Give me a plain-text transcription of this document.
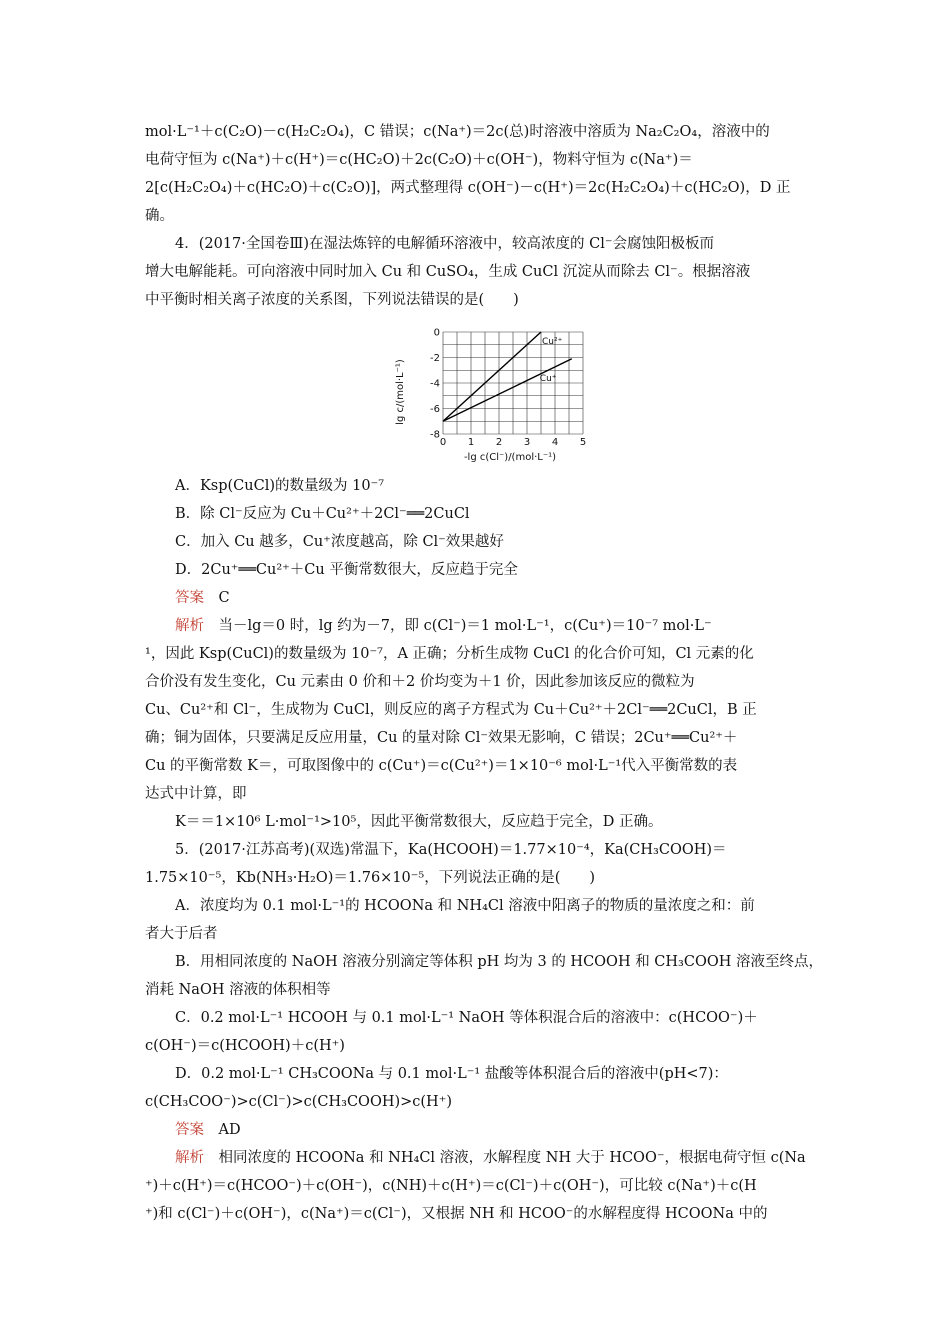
mol·L⁻¹＋c(C₂O)－c(H₂C₂O₄)，C 错误；c(Na⁺)＝2c(总)时溶液中溶质为 Na₂C₂O₄，溶液中的
电荷守恒为 c(Na⁺)＋c(H⁺)＝c(HC₂O)＋2c(C₂O)＋c(OH⁻)，物料守恒为 c(Na⁺)＝
2[c(H₂C₂O₄)＋c(HC₂O)＋c(C₂O)]，两式整理得 c(OH⁻)－c(H⁺)＝2c(H₂C₂O₄)＋c(HC₂O)，D 正
确。
4．(2017·全国卷Ⅲ)在湿法炼锌的电解循环溶液中，较高浓度的 Cl⁻会腐蚀阳极板而
增大电解能耗。可向溶液中同时加入 Cu 和 CuSO₄，生成 CuCl 沉淀从而除去 Cl⁻。根据溶液
中平衡时相关离子浓度的关系图，下列说法错误的是(　　)
0 1 2 3 4 5
0
-2
-4
-6
-8
Cu²⁺
Cu⁺
lg c/(mol·L⁻¹)
-lg c(Cl⁻)/(mol·L⁻¹)
A．Ksp(CuCl)的数量级为 10⁻⁷
B．除 Cl⁻反应为 Cu＋Cu²⁺＋2Cl⁻══2CuCl
C．加入 Cu 越多，Cu⁺浓度越高，除 Cl⁻效果越好
D．2Cu⁺══Cu²⁺＋Cu 平衡常数很大，反应趋于完全
答案　 C
解析　 当－lg＝0 时，lg 约为－7，即 c(Cl⁻)＝1 mol·L⁻¹，c(Cu⁺)＝10⁻⁷ mol·L⁻
¹，因此 Ksp(CuCl)的数量级为 10⁻⁷，A 正确；分析生成物 CuCl 的化合价可知，Cl 元素的化
合价没有发生变化，Cu 元素由 0 价和＋2 价均变为＋1 价，因此参加该反应的微粒为
Cu、Cu²⁺和 Cl⁻，生成物为 CuCl，则反应的离子方程式为 Cu＋Cu²⁺＋2Cl⁻══2CuCl，B 正
确；铜为固体，只要满足反应用量，Cu 的量对除 Cl⁻效果无影响，C 错误；2Cu⁺══Cu²⁺＋
Cu 的平衡常数 K＝，可取图像中的 c(Cu⁺)＝c(Cu²⁺)＝1×10⁻⁶ mol·L⁻¹代入平衡常数的表
达式中计算，即
K＝＝1×10⁶ L·mol⁻¹>10⁵，因此平衡常数很大，反应趋于完全，D 正确。
5．(2017·江苏高考)(双选)常温下，Ka(HCOOH)＝1.77×10⁻⁴，Ka(CH₃COOH)＝
1.75×10⁻⁵，Kb(NH₃·H₂O)＝1.76×10⁻⁵，下列说法正确的是(　　)
A．浓度均为 0.1 mol·L⁻¹的 HCOONa 和 NH₄Cl 溶液中阳离子的物质的量浓度之和：前
者大于后者
B．用相同浓度的 NaOH 溶液分别滴定等体积 pH 均为 3 的 HCOOH 和 CH₃COOH 溶液至终点，
消耗 NaOH 溶液的体积相等
C．0.2 mol·L⁻¹ HCOOH 与 0.1 mol·L⁻¹ NaOH 等体积混合后的溶液中：c(HCOO⁻)＋
c(OH⁻)＝c(HCOOH)＋c(H⁺)
D．0.2 mol·L⁻¹ CH₃COONa 与 0.1 mol·L⁻¹ 盐酸等体积混合后的溶液中(pH<7)：
c(CH₃COO⁻)>c(Cl⁻)>c(CH₃COOH)>c(H⁺)
答案　 AD
解析　 相同浓度的 HCOONa 和 NH₄Cl 溶液，水解程度 NH 大于 HCOO⁻，根据电荷守恒 c(Na
⁺)＋c(H⁺)＝c(HCOO⁻)＋c(OH⁻)，c(NH)＋c(H⁺)＝c(Cl⁻)＋c(OH⁻)，可比较 c(Na⁺)＋c(H
⁺)和 c(Cl⁻)＋c(OH⁻)，c(Na⁺)＝c(Cl⁻)，又根据 NH 和 HCOO⁻的水解程度得 HCOONa 中的
